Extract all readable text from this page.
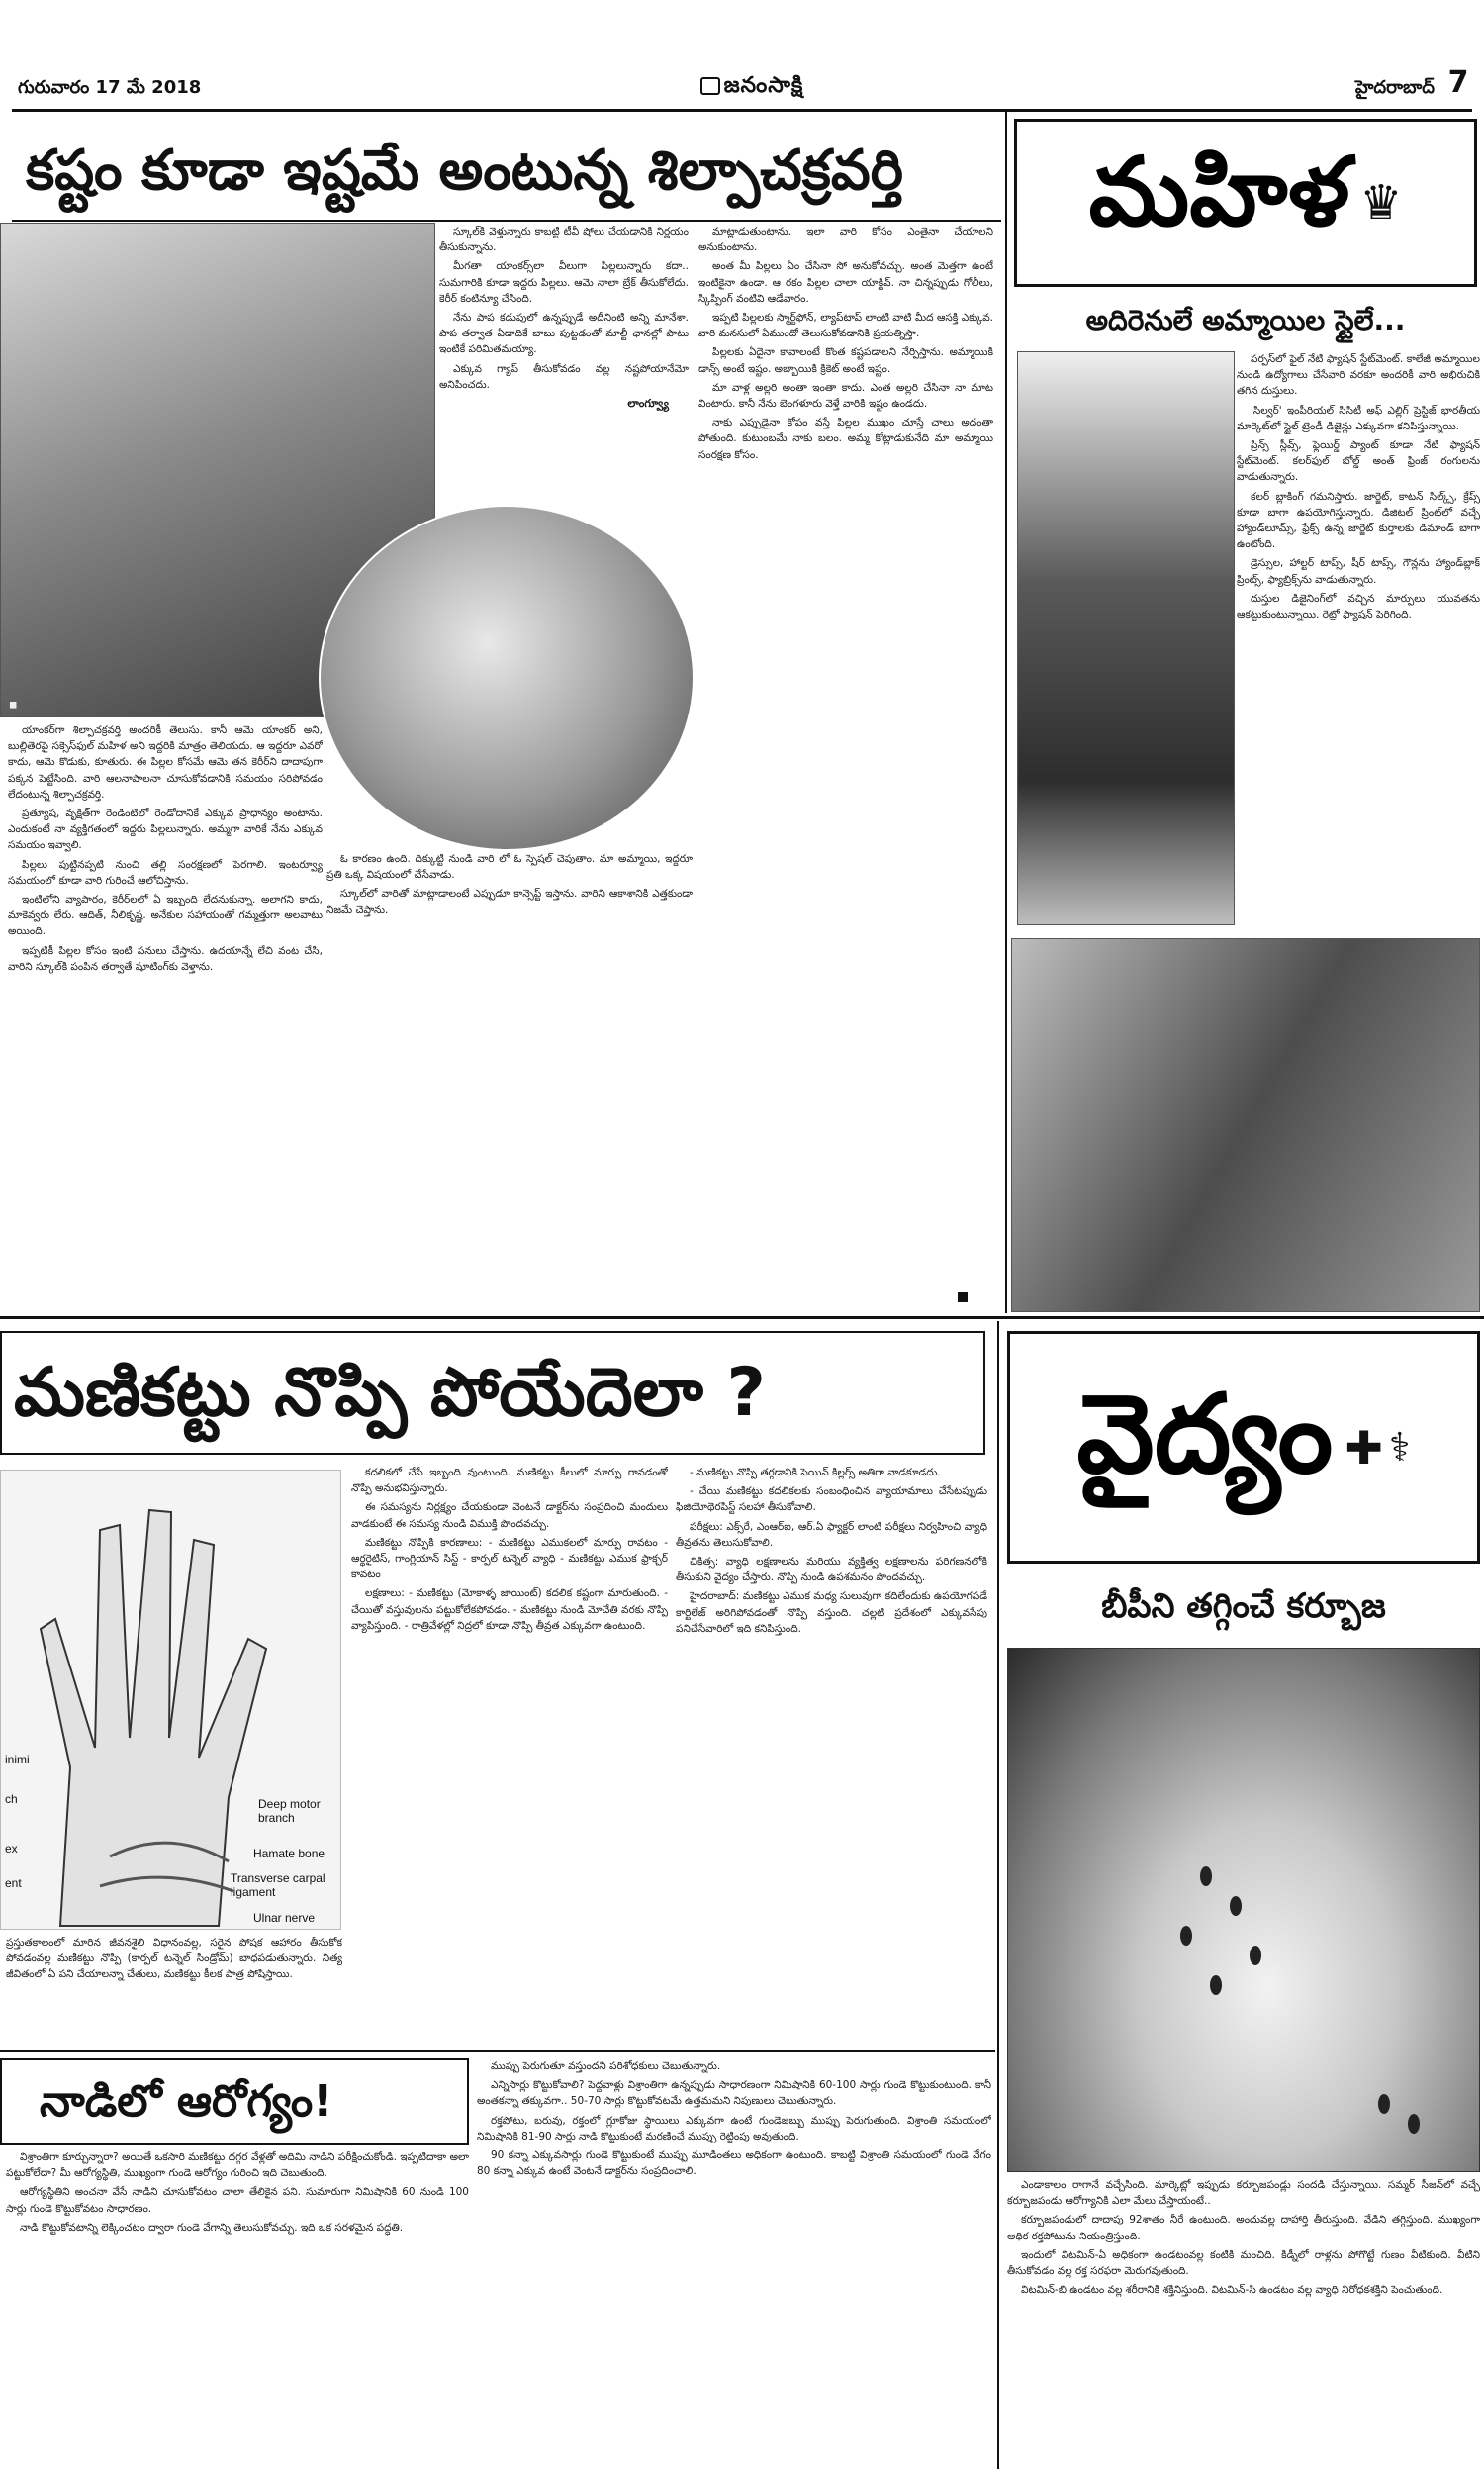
గురువారం 17 మే 2018	జనంసాక్షి	హైదరాబాద్ 7
కష్టం కూడా ఇష్టమే అంటున్న శిల్పాచక్రవర్తి
◼

యాంకర్‌గా శిల్పాచక్రవర్తి అందరికీ తెలుసు. కానీ ఆమె యాంకర్ అని, బుల్లితెరపై సక్సెస్‌ఫుల్ మహిళ అని ఇద్దరికి మాత్రం తెలియదు. ఆ ఇద్దరూ ఎవరో కాదు, ఆమె కొడుకు, కూతురు. ఈ పిల్లల కోసమే ఆమె తన కెరీర్‌ని దాదాపుగా పక్కన పెట్టేసింది. వారి ఆలనాపాలనా చూసుకోవడానికి సమయం సరిపోవడం లేదంటున్న శిల్పాచక్రవర్తి.

ప్రత్యూష, వృక్షిత్‌గా రెండింటిలో రెండోదానికే ఎక్కువ ప్రాధాన్యం అంటాను. ఎందుకంటే నా వ్యక్తిగతంలో ఇద్దరు పిల్లలున్నారు. అమ్మగా వారికే నేను ఎక్కువ సమయం ఇవ్వాలి.

పిల్లలు పుట్టినప్పటి నుంచి తల్లి సంరక్షణలో పెరగాలి. ఇంటర్వ్యూ సమయంలో కూడా వారి గురించే ఆలోచిస్తాను.

ఇంటిలోని వ్యాపారం, కెరీర్‌లలో ఏ ఇబ్బంది లేదనుకున్నా. అలాగని కాదు, మాకెవ్వరు లేరు. ఆదిత్, నీలికృష్ణ. అనేకుల సహాయంతో గమ్మత్తుగా అలవాటు అయింది.

ఇప్పటికీ పిల్లల కోసం ఇంటి పనులు చేస్తాను. ఉదయాన్నే లేచి వంట చేసి, వారిని స్కూల్‌కి పంపిన తర్వాతే షూటింగ్‌కు వెళ్తాను.

స్కూల్‌కి వెళ్తున్నారు కాబట్టి టీవీ షోలు చేయడానికి నిర్ణయం తీసుకున్నాను.

మీగతా యాంకర్స్‌లా వీలుగా పిల్లలున్నారు కదా.. సుమగారికి కూడా ఇద్దరు పిల్లలు. ఆమె నాలా బ్రేక్ తీసుకోలేదు. కెరీర్ కంటిన్యూ చేసింది.

నేను పాప కడుపులో ఉన్నప్పుడే అదీనింటి అన్ని మానేశా. పాప తర్వాత ఏడాదికే బాబు పుట్టడంతో మాల్టీ ఛానల్లో పాటు ఇంటికే పరిమితమయ్యా.

ఎక్కువ గ్యాప్ తీసుకోవడం వల్ల నష్టపోయానేమో అనిపించదు.

లాంగ్వ్యూ

ఓ కారణం ఉంది. దిక్కుట్టి నుండి వారి లో ఓ స్పెషల్ చెపుతాం. మా అమ్మాయి, ఇద్దరూ ప్రతి ఒక్క విషయంలో చేసేవాడు.

స్కూల్‌లో వారితో మాట్లాడాలంటే ఎప్పుడూ కాన్సెప్ట్ ఇస్తాను. వారిని ఆకాశానికి ఎత్తకుండా నిజమే చెప్తాను.

మాట్లాడుతుంటాను. ఇలా వారి కోసం ఎంతైనా చేయాలని అనుకుంటాను.

అంత మీ పిల్లలు ఏం చేసినా సో అనుకోవచ్చు. అంత మెత్తగా ఉంటే ఇంటికైనా ఉండా. ఆ రకం పిల్లల చాలా యాక్టివ్. నా చిన్నప్పుడు గోలీలు, స్కిప్పింగ్ వంటివి ఆడేవారం.

ఇప్పటి పిల్లలకు స్మార్ట్‌ఫోన్, ల్యాప్‌టాప్ లాంటి వాటి మీద ఆసక్తి ఎక్కువ. వారి మనసులో ఏముందో తెలుసుకోవడానికి ప్రయత్నిస్తా.

పిల్లలకు ఏదైనా కావాలంటే కొంత కష్టపడాలని నేర్పిస్తాను. అమ్మాయికి డాన్స్ అంటే ఇష్టం. అబ్బాయికి క్రికెట్ అంటే ఇష్టం.

మా వాళ్ల అల్లరి అంతా ఇంతా కాదు. ఎంత అల్లరి చేసినా నా మాట వింటారు. కానీ నేను బెంగళూరు వెళ్తే వారికి ఇష్టం ఉండదు.

నాకు ఎప్పుడైనా కోపం వస్తే పిల్లల ముఖం చూస్తే చాలు అదంతా పోతుంది. కుటుంబమే నాకు బలం. అమ్మ కోట్లాడుకునేది మా అమ్మాయి సంరక్షణ కోసం.

మహిళ ♛
అదిరెనులే అమ్మాయిల స్టైలే...

పర్పస్‌లో ఫైల్ నేటి ఫ్యాషన్ స్టేట్‌మెంట్. కాలేజీ అమ్మాయిల నుండి ఉద్యోగాలు చేసేవారి వరకూ అందరికీ వారి అభిరుచికి తగిన దుస్తులు.

'సిల్వర్' ఇంపీరియల్ సిసిటీ అఫ్ ఎల్లిగ్ ప్రెస్టిజ్ భారతీయ మార్కెట్‌లో స్టైల్ ట్రెండీ డిజైన్లు ఎక్కువగా కనిపిస్తున్నాయి.

ప్రిన్స్ స్లీవ్స్, ఫ్లెయిర్డ్ ప్యాంట్ కూడా నేటి ఫ్యాషన్ స్టేట్‌మెంట్. కలర్‌ఫుల్ బోల్డ్ అంత్ ఫ్రింజ్ రంగులను వాడుతున్నారు.

కలర్ బ్లాకింగ్ గమనిస్తారు. జార్జెట్, కాటన్ సిల్క్స్, క్రేప్స్ కూడా బాగా ఉపయోగిస్తున్నారు. డిజిటల్ ప్రింట్‌లో వచ్చే హ్యాండ్‌లూమ్స్, ఫ్రేక్స్ ఉన్న జార్జెట్ కుర్తాలకు డిమాండ్ బాగా ఉంటోంది.

డ్రెస్సుల, హాల్టర్ టాప్స్, షీర్ టాప్స్, గౌన్లను హ్యాండ్‌బ్లాక్ ప్రింట్స్, ఫ్యాబ్రిక్స్‌ను వాడుతున్నారు.

దుస్తుల డిజైనింగ్‌లో వచ్చిన మార్పులు యువతను ఆకట్టుకుంటున్నాయి. రెట్రో ఫ్యాషన్ పెరిగింది.

మణికట్టు నొప్పి పోయేదెలా ?
inimi
ch
ex
ent
Deep motor branch
Hamate bone
Transverse carpal ligament
Ulnar nerve

ప్రస్తుతకాలంలో మారిన జీవనశైలి విధానంవల్ల, సరైన పోషక ఆహారం తీసుకోక పోవడంవల్ల మణికట్టు నొప్పి (కార్పల్ టన్నెల్ సిండ్రోమ్) బాధపడుతున్నారు. నిత్య జీవితంలో ఏ పని చేయాలన్నా చేతులు, మణికట్టు కీలక పాత్ర పోషిస్తాయి.

కదలికలో చేసే ఇబ్బంది వుంటుంది. మణికట్టు కీలులో మార్పు రావడంతో నొప్పి అనుభవిస్తున్నారు.

ఈ సమస్యను నిర్లక్ష్యం చేయకుండా వెంటనే డాక్టర్‌ను సంప్రదించి మందులు వాడకుంటే ఈ సమస్య నుండి విముక్తి పొందవచ్చు.

మణికట్టు నొప్పికి కారణాలు: - మణికట్టు ఎముకలలో మార్పు రావటం - ఆర్థరైటిస్, గాంగ్లియాన్ సిస్ట్ - కార్పల్ టన్నెల్ వ్యాధి - మణికట్టు ఎముక ఫ్రాక్చర్ కావటం

లక్షణాలు: - మణికట్టు (మోకాళ్ళ జాయింట్) కదలిక కష్టంగా మారుతుంది. - చేయితో వస్తువులను పట్టుకోలేకపోవడం. - మణికట్టు నుండి మోచేతి వరకు నొప్పి వ్యాపిస్తుంది. - రాత్రివేళల్లో నిద్రలో కూడా నొప్పి తీవ్రత ఎక్కువగా ఉంటుంది.

- మణికట్టు నొప్పి తగ్గడానికి పెయిన్ కిల్లర్స్ అతిగా వాడకూడదు.

- చేయి మణికట్టు కదలికలకు సంబంధించిన వ్యాయామాలు చేసేటప్పుడు ఫిజియోథెరపిస్ట్ సలహా తీసుకోవాలి.

పరీక్షలు: ఎక్స్‌రే, ఎంఆర్ఐ, ఆర్.ఏ ఫ్యాక్టర్ లాంటి పరీక్షలు నిర్వహించి వ్యాధి తీవ్రతను తెలుసుకోవాలి.

చికిత్స: వ్యాధి లక్షణాలను మరియు వ్యక్తిత్వ లక్షణాలను పరిగణనలోకి తీసుకుని వైద్యం చేస్తారు. నొప్పి నుండి ఉపశమనం పొందవచ్చు.

హైదరాబాద్: మణికట్టు ఎముక మధ్య సులువుగా కదిలేందుకు ఉపయోగపడే కార్టిలేజ్ అరిగిపోవడంతో నొప్పి వస్తుంది. చల్లటి ప్రదేశంలో ఎక్కువసేపు పనిచేసేవారిలో ఇది కనిపిస్తుంది.

వైద్యం ✚ ⚕
బీపీని తగ్గించే కర్బూజ

ఎండాకాలం రాగానే వచ్చేసింది. మార్కెట్లో ఇప్పుడు కర్బూజపండ్లు సందడి చేస్తున్నాయి. సమ్మర్ సీజన్‌లో వచ్చే కర్బూజపండు ఆరోగ్యానికి ఎలా మేలు చేస్తాయంటే..

కర్బూజపండులో దాదాపు 92శాతం నీరే ఉంటుంది. అందువల్ల దాహార్తి తీరుస్తుంది. వేడిని తగ్గిస్తుంది. ముఖ్యంగా అధిక రక్తపోటును నియంత్రిస్తుంది.

ఇందులో విటమిన్-ఏ అధికంగా ఉండటంవల్ల కంటికి మంచిది. కిడ్నీలో రాళ్లను పోగొట్టే గుణం వీటికుంది. వీటిని తీసుకోవడం వల్ల రక్త సరఫరా మెరుగవుతుంది.

విటమిన్-బి ఉండటం వల్ల శరీరానికి శక్తినిస్తుంది. విటమిన్-సి ఉండటం వల్ల వ్యాధి నిరోధకశక్తిని పెంచుతుంది.

నాడిలో ఆరోగ్యం!

విశ్రాంతిగా కూర్చున్నారా? అయితే ఒకసారి మణికట్టు దగ్గర వేళ్లతో అదిమి నాడిని పరీక్షించుకోండి. ఇప్పటిదాకా అలా పట్టుకోలేదా? మీ ఆరోగ్యస్థితి, ముఖ్యంగా గుండె ఆరోగ్యం గురించి ఇది చెబుతుంది.

ఆరోగ్యస్థితిని అంచనా వేసే నాడిని చూసుకోవటం చాలా తేలికైన పని. సుమారుగా నిమిషానికి 60 నుండి 100 సార్లు గుండె కొట్టుకోవటం సాధారణం.

నాడి కొట్టుకోవటాన్ని లెక్కించటం ద్వారా గుండె వేగాన్ని తెలుసుకోవచ్చు. ఇది ఒక సరళమైన పద్ధతి.

ముప్పు పెరుగుతూ వస్తుందని పరిశోధకులు చెబుతున్నారు.

ఎన్నిసార్లు కొట్టుకోవాలి? పెద్దవాళ్లు విశ్రాంతిగా ఉన్నప్పుడు సాధారణంగా నిమిషానికి 60-100 సార్లు గుండె కొట్టుకుంటుంది. కానీ అంతకన్నా తక్కువగా.. 50-70 సార్లు కొట్టుకోవటమే ఉత్తమమని నిపుణులు చెబుతున్నారు.

రక్తపోటు, బరువు, రక్తంలో గ్లూకోజు స్థాయిలు ఎక్కువగా ఉంటే గుండెజబ్బు ముప్పు పెరుగుతుంది. విశ్రాంతి సమయంలో నిమిషానికి 81-90 సార్లు నాడి కొట్టుకుంటే మరణించే ముప్పు రెట్టింపు అవుతుంది.

90 కన్నా ఎక్కువసార్లు గుండె కొట్టుకుంటే ముప్పు మూడింతలు అధికంగా ఉంటుంది. కాబట్టి విశ్రాంతి సమయంలో గుండె వేగం 80 కన్నా ఎక్కువ ఉంటే వెంటనే డాక్టర్‌ను సంప్రదించాలి.
